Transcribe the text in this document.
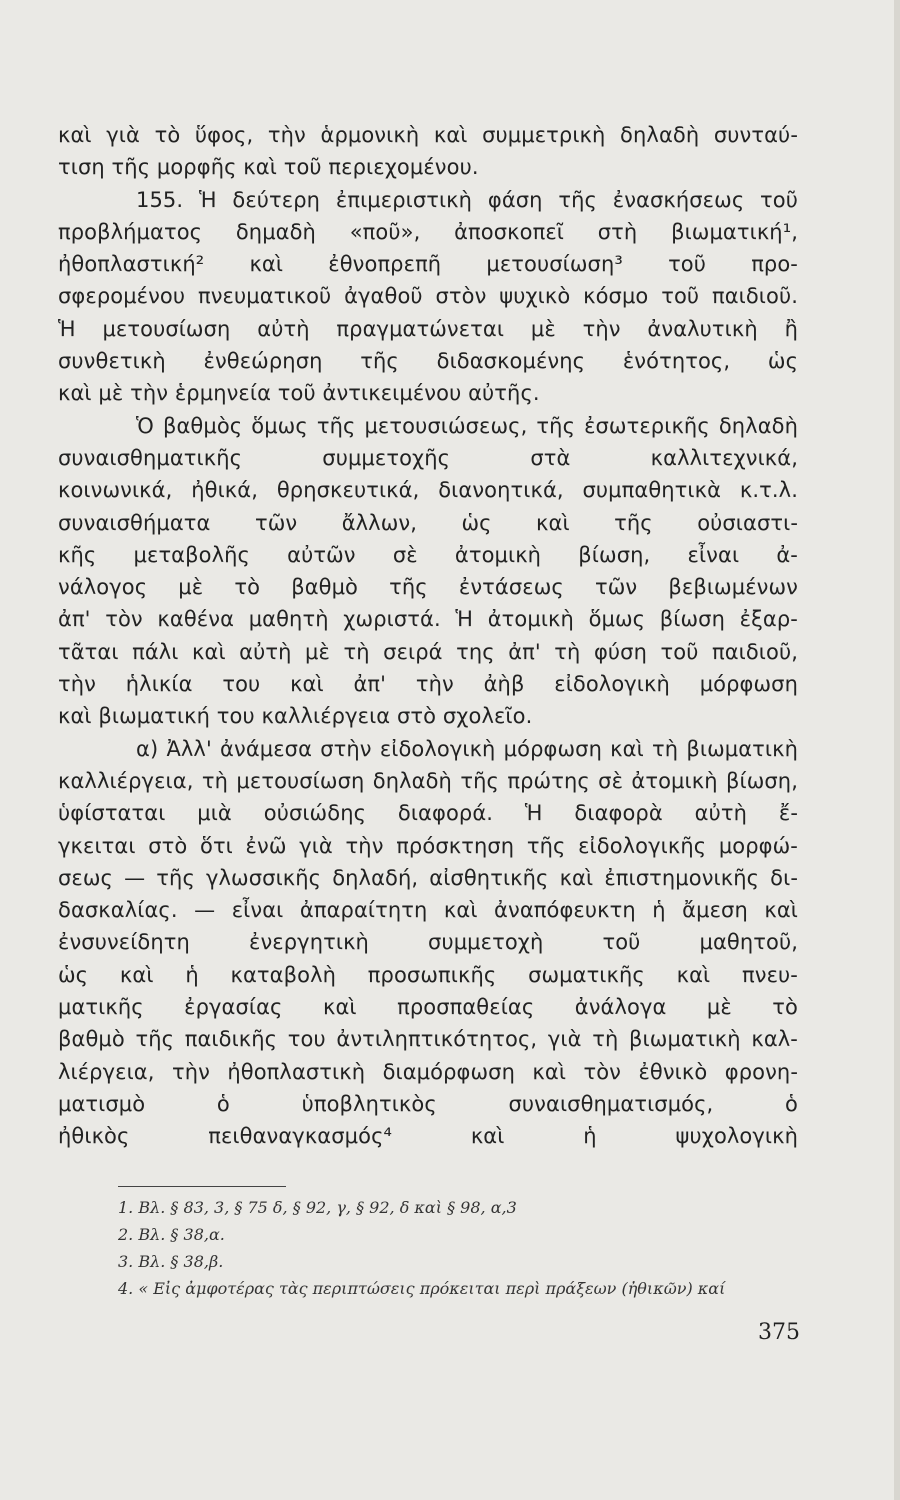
καὶ γιὰ τὸ ὕφος, τὴν ἁρμονικὴ καὶ συμμετρικὴ δηλαδὴ συνταύ-
τιση τῆς μορφῆς καὶ τοῦ περιεχομένου.
155. Ἡ δεύτερη ἐπιμεριστικὴ φάση τῆς ἐνασκήσεως τοῦ
προβλήματος δημαδὴ «ποῦ», ἀποσκοπεῖ στὴ βιωματική¹,
ἠθοπλαστική² καὶ ἐθνοπρεπῆ μετουσίωση³ τοῦ προ-
σφερομένου πνευματικοῦ ἀγαθοῦ στὸν ψυχικὸ κόσμο τοῦ παιδιοῦ.
Ἡ μετουσίωση αὐτὴ πραγματώνεται μὲ τὴν ἀναλυτικὴ ἢ
συνθετικὴ ἐνθεώρηση τῆς διδασκομένης ἑνότητος, ὡς
καὶ μὲ τὴν ἑρμηνεία τοῦ ἀντικειμένου αὐτῆς.
Ὁ βαθμὸς ὅμως τῆς μετουσιώσεως, τῆς ἐσωτερικῆς δηλαδὴ
συναισθηματικῆς συμμετοχῆς στὰ καλλιτεχνικά,
κοινωνικά, ἠθικά, θρησκευτικά, διανοητικά, συμπαθητικὰ κ.τ.λ.
συναισθήματα τῶν ἄλλων, ὡς καὶ τῆς οὐσιαστι-
κῆς μεταβολῆς αὐτῶν σὲ ἀτομικὴ βίωση, εἶναι ἀ-
νάλογος μὲ τὸ βαθμὸ τῆς ἐντάσεως τῶν βεβιωμένων
ἀπ' τὸν καθένα μαθητὴ χωριστά. Ἡ ἀτομικὴ ὅμως βίωση ἐξαρ-
τᾶται πάλι καὶ αὐτὴ μὲ τὴ σειρά της ἀπ' τὴ φύση τοῦ παιδιοῦ,
τὴν ἡλικία του καὶ ἀπ' τὴν ἀὴβ εἰδολογικὴ μόρφωση
καὶ βιωματική του καλλιέργεια στὸ σχολεῖο.
α) Ἀλλ' ἀνάμεσα στὴν εἰδολογικὴ μόρφωση καὶ τὴ βιωματικὴ
καλλιέργεια, τὴ μετουσίωση δηλαδὴ τῆς πρώτης σὲ ἀτομικὴ βίωση,
ὑφίσταται μιὰ οὐσιώδης διαφορά. Ἡ διαφορὰ αὐτὴ ἔ-
γκειται στὸ ὅτι ἐνῶ γιὰ τὴν πρόσκτηση τῆς εἰδολογικῆς μορφώ-
σεως — τῆς γλωσσικῆς δηλαδή, αἰσθητικῆς καὶ ἐπιστημονικῆς δι-
δασκαλίας. — εἶναι ἀπαραίτητη καὶ ἀναπόφευκτη ἡ ἄμεση καὶ
ἐνσυνείδητη ἐνεργητικὴ συμμετοχὴ τοῦ μαθητοῦ,
ὡς καὶ ἡ καταβολὴ προσωπικῆς σωματικῆς καὶ πνευ-
ματικῆς ἐργασίας καὶ προσπαθείας ἀνάλογα μὲ τὸ
βαθμὸ τῆς παιδικῆς του ἀντιληπτικότητος, γιὰ τὴ βιωματικὴ καλ-
λιέργεια, τὴν ἠθοπλαστικὴ διαμόρφωση καὶ τὸν ἐθνικὸ φρονη-
ματισμὸ ὁ ὑποβλητικὸς συναισθηματισμός, ὁ
ἠθικὸς πειθαναγκασμός⁴ καὶ ἡ ψυχολογικὴ
1. Βλ. § 83, 3, § 75 δ, § 92, γ, § 92, δ καὶ § 98, α,3
2. Βλ. § 38,α.
3. Βλ. § 38,β.
4. « Εἰς ἀμφοτέρας τὰς περιπτώσεις πρόκειται περὶ πράξεων (ἠθικῶν) καί
375
